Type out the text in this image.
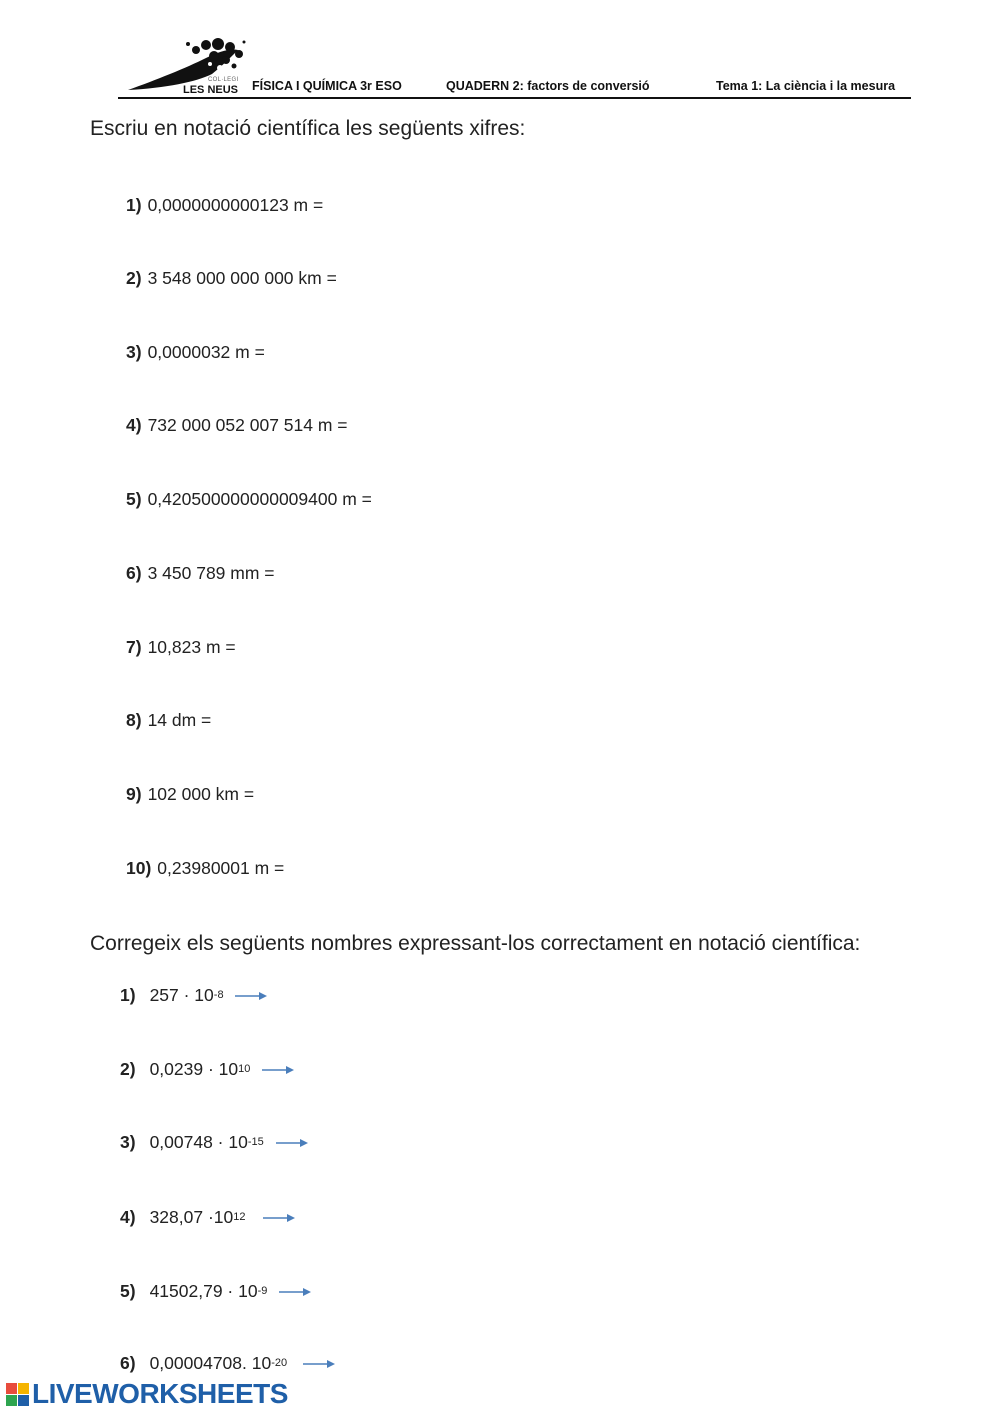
COL·LEGI
LES NEUS FÍSICA I QUÍMICA 3r ESO	QUADERN 2: factors de conversió	Tema 1: La ciència i la mesura
Escriu en notació científica les següents xifres:
1) 0,0000000000123 m =
2) 3 548 000 000 000 km =
3) 0,0000032 m =
4) 732 000 052 007 514 m =
5) 0,420500000000009400 m =
6) 3 450 789 mm =
7) 10,823 m =
8) 14 dm =
9) 102 000 km =
10) 0,23980001 m =
Corregeix els següents nombres expressant-los correctament en notació científica:
1) $257 \cdot 10^{-8}$
2) $0,0239 \cdot 10^{10}$
3) $0,00748 \cdot 10^{-15}$
4) $328,07 \cdot 10^{12}$
5) $41502,79 \cdot 10^{-9}$
6) 0,00004708. $10^{-20}$
LIVEWORKSHEETS
